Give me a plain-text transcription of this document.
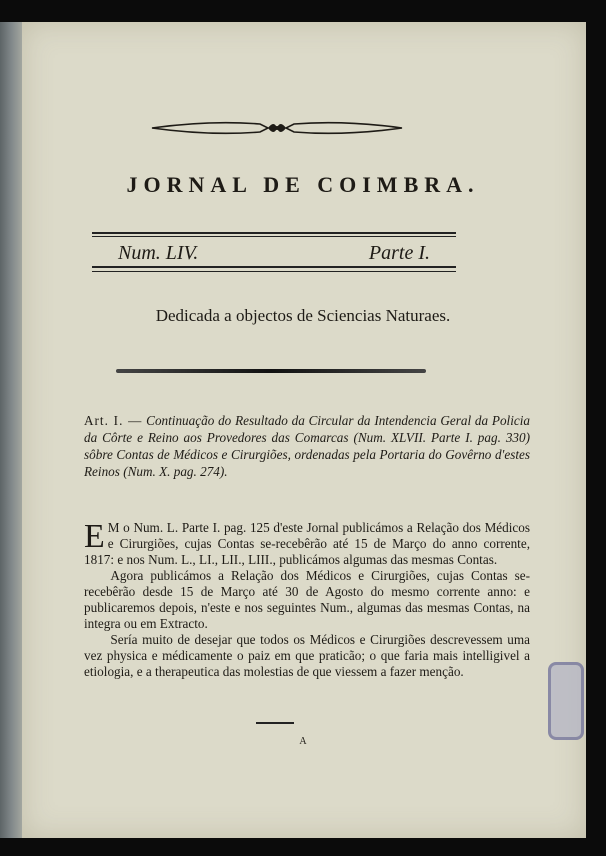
JORNAL DE COIMBRA.
Num. LIV.	Parte I.
Dedicada a objectos de Sciencias Naturaes.
Art. I. — Continuação do Resultado da Circular da Intendencia Geral da Policia da Côrte e Reino aos Provedores das Comarcas (Num. XLVII. Parte I. pag. 330) sôbre Contas de Médicos e Cirurgiões, ordenadas pela Portaria do Govêrno d'estes Reinos (Num. X. pag. 274).

E M o Num. L. Parte I. pag. 125 d'este Jornal publicámos a Relação dos Médicos e Cirurgiões, cujas Contas se-recebêrão até 15 de Março do anno corrente, 1817: e nos Num. L., LI., LII., LIII., publicámos algumas das mesmas Contas.

Agora publicámos a Relação dos Médicos e Cirurgiões, cujas Contas se-recebêrão desde 15 de Março até 30 de Agosto do mesmo corrente anno: e publicaremos depois, n'este e nos seguintes Num., algumas das mesmas Contas, na integra ou em Extracto.

Sería muito de desejar que todos os Médicos e Cirurgiões descrevessem uma vez physica e médicamente o paiz em que praticão; o que faria mais intelligivel a etiologia, e a therapeutica das molestias de que viessem a fazer menção.

A
